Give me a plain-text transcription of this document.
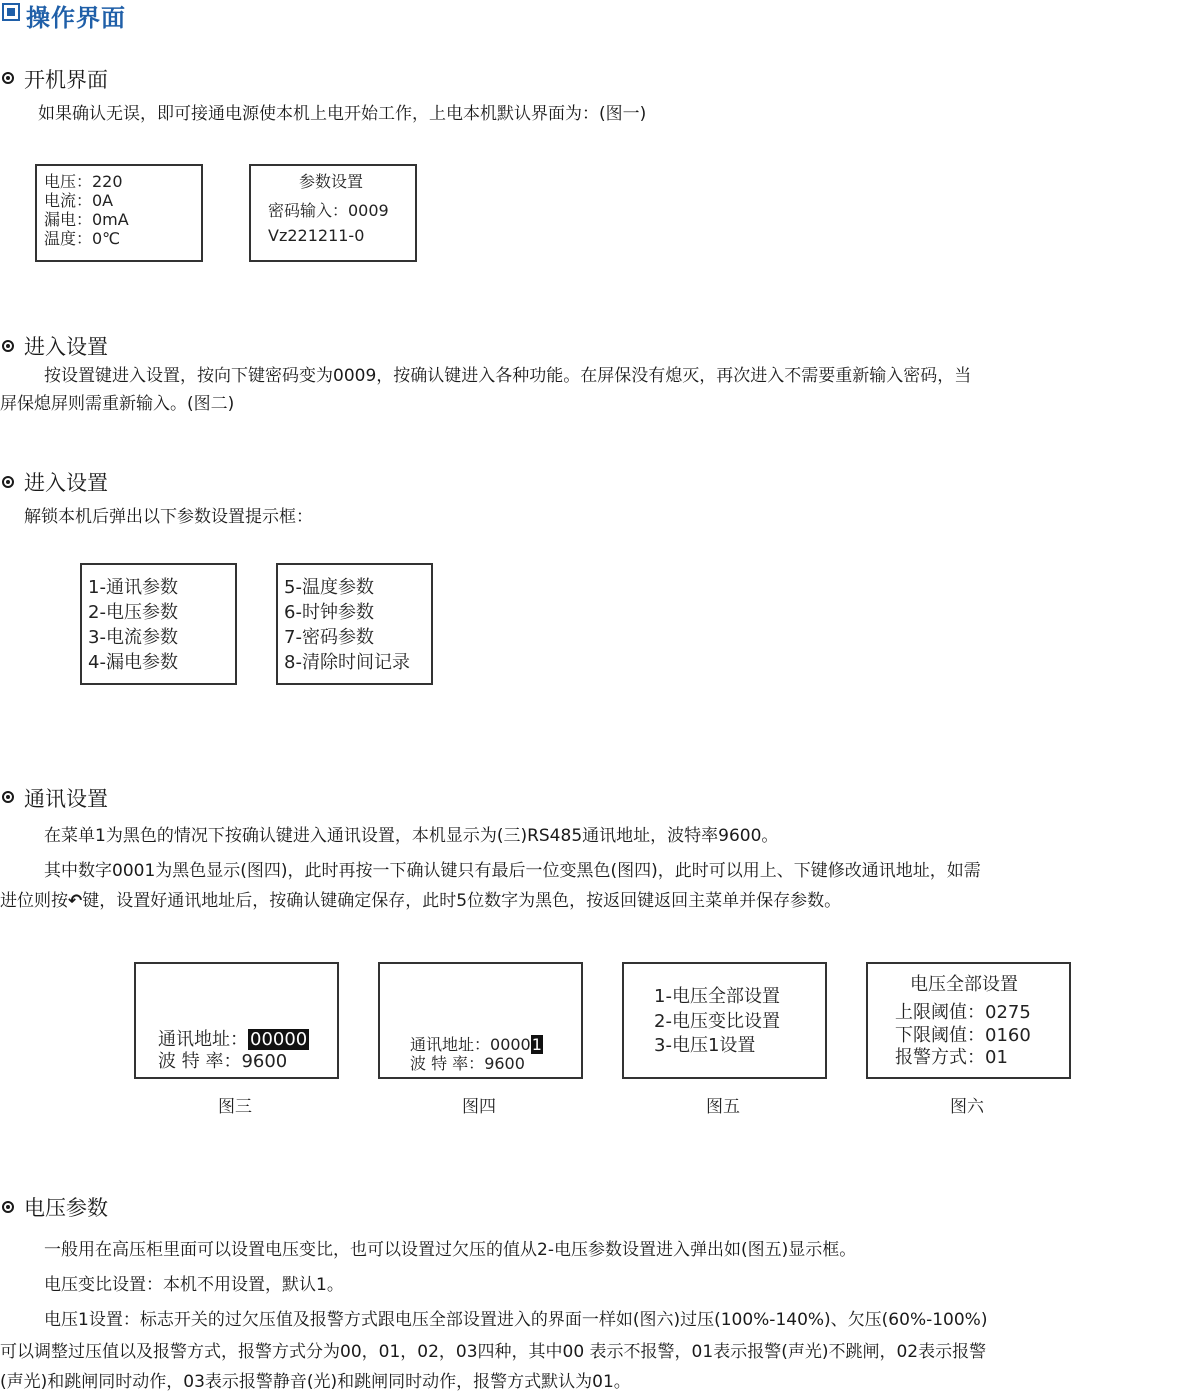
操作界面
开机界面
如果确认无误，即可接通电源使本机上电开始工作，上电本机默认界面为：(图一)
电压：220
电流：0A
漏电：0mA
温度：0℃
参数设置
密码输入：0009
Vz221211-0
进入设置
按设置键进入设置，按向下键密码变为0009，按确认键进入各种功能。在屏保没有熄灭，再次进入不需要重新输入密码，当
屏保熄屏则需重新输入。(图二)
进入设置
解锁本机后弹出以下参数设置提示框：
1-通讯参数
2-电压参数
3-电流参数
4-漏电参数
5-温度参数
6-时钟参数
7-密码参数
8-清除时间记录
通讯设置
在菜单1为黑色的情况下按确认键进入通讯设置，本机显示为(三)RS485通讯地址，波特率9600。
其中数字0001为黑色显示(图四)，此时再按一下确认键只有最后一位变黑色(图四)，此时可以用上、下键修改通讯地址，如需
进位则按↶键，设置好通讯地址后，按确认键确定保存，此时5位数字为黑色，按返回键返回主菜单并保存参数。
通讯地址： 00000
波 特 率：9600
图三
通讯地址：00001
波 特 率：9600
图四
1-电压全部设置
2-电压变比设置
3-电压1设置
图五
电压全部设置
上限阈值：0275
下限阈值：0160
报警方式：01
图六
电压参数
一般用在高压柜里面可以设置电压变比，也可以设置过欠压的值从2-电压参数设置进入弹出如(图五)显示框。
电压变比设置：本机不用设置，默认1。
电压1设置：标志开关的过欠压值及报警方式跟电压全部设置进入的界面一样如(图六)过压(100%-140%)、欠压(60%-100%)
可以调整过压值以及报警方式，报警方式分为00，01，02，03四种，其中00 表示不报警，01表示报警(声光)不跳闸，02表示报警
(声光)和跳闸同时动作，03表示报警静音(光)和跳闸同时动作，报警方式默认为01。
